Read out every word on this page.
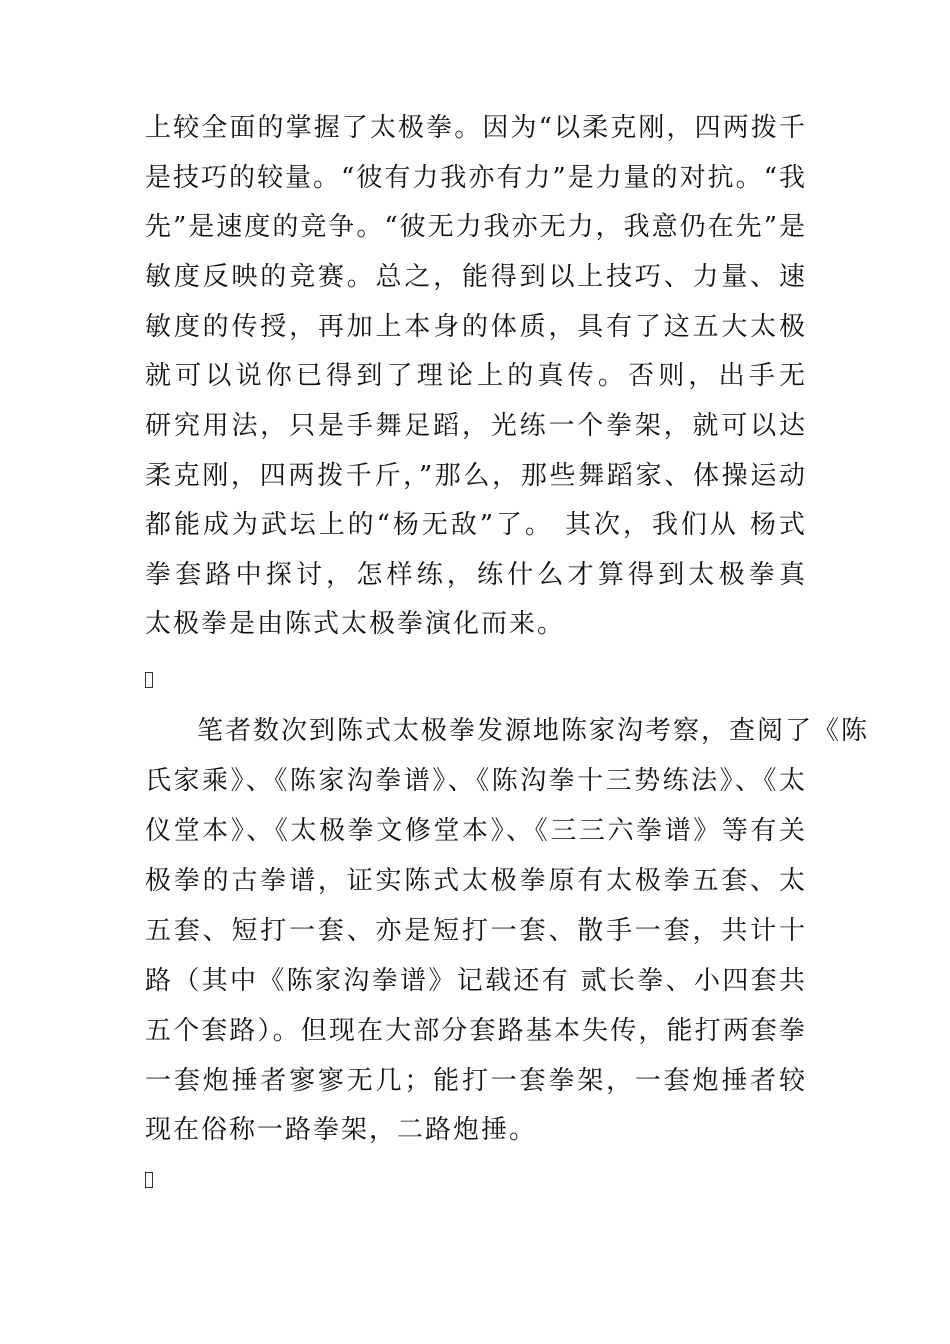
上较全面的掌握了太极拳。因为“以柔克刚，四两拨千
是技巧的较量。“彼有力我亦有力”是力量的对抗。“我
先”是速度的竞争。“彼无力我亦无力，我意仍在先”是
敏度反映的竞赛。总之，能得到以上技巧、力量、速
敏度的传授，再加上本身的体质，具有了这五大太极
就可以说你已得到了理论上的真传。否则，出手无
研究用法，只是手舞足蹈，光练一个拳架，就可以达
柔克刚，四两拨千斤，”那么，那些舞蹈家、体操运动
都能成为武坛上的“杨无敌”了。 其次，我们从 杨式
拳套路中探讨，怎样练，练什么才算得到太极拳真
太极拳是由陈式太极拳演化而来。
笔者数次到陈式太极拳发源地陈家沟考察，查阅了《陈
氏家乘》、《陈家沟拳谱》、《陈沟拳十三势练法》、《太
仪堂本》、《太极拳文修堂本》、《三三六拳谱》等有关
极拳的古拳谱，证实陈式太极拳原有太极拳五套、太
五套、短打一套、亦是短打一套、散手一套，共计十
路（其中《陈家沟拳谱》记载还有 贰长拳、小四套共
五个套路）。但现在大部分套路基本失传，能打两套拳
一套炮捶者寥寥无几；能打一套拳架，一套炮捶者较
现在俗称一路拳架，二路炮捶。
